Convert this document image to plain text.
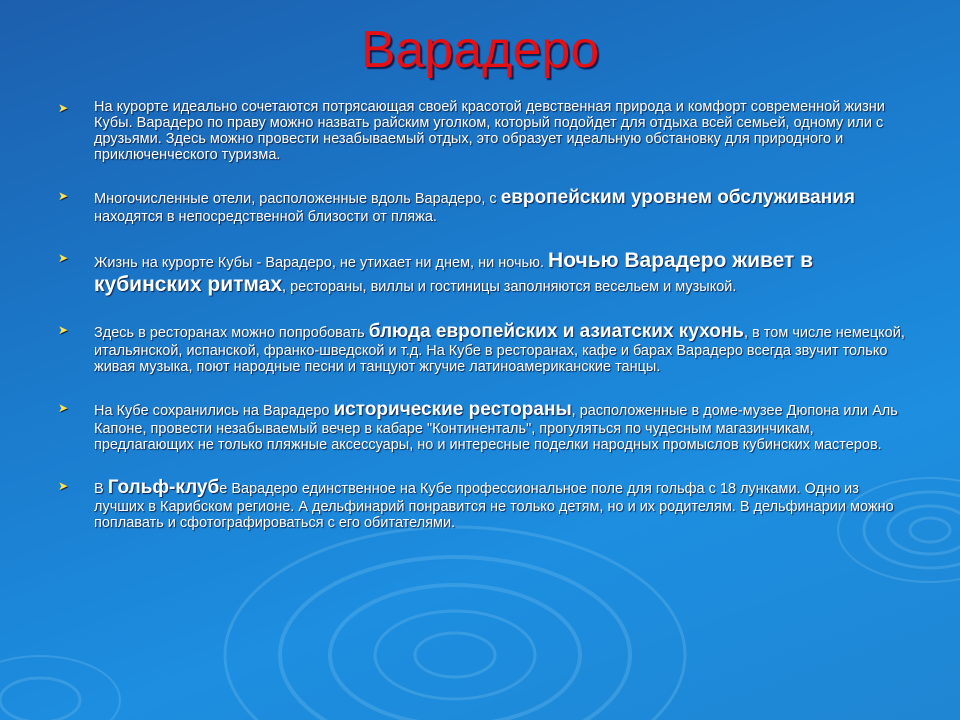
Варадеро
➤ На курорте идеально сочетаются потрясающая своей красотой девственная природа и комфорт современной жизни Кубы. Варадеро по праву можно назвать райским уголком, который подойдет для отдыха всей семьей, одному или с друзьями. Здесь можно провести незабываемый отдых, это образует идеальную обстановку для природного и приключенческого туризма.
➤ Многочисленные отели, расположенные вдоль Варадеро, с европейским уровнем обслуживания находятся в непосредственной близости от пляжа.
➤ Жизнь на курорте Кубы - Варадеро, не утихает ни днем, ни ночью. Ночью Варадеро живет в кубинских ритмах, рестораны, виллы и гостиницы заполняются весельем и музыкой.
➤ Здесь в ресторанах можно попробовать блюда европейских и азиатских кухонь, в том числе немецкой, итальянской, испанской, франко-шведской и т.д. На Кубе в ресторанах, кафе и барах Варадеро всегда звучит только живая музыка, поют народные песни и танцуют жгучие латиноамериканские танцы.
➤ На Кубе сохранились на Варадеро исторические рестораны, расположенные в доме-музее Дюпона или Аль Капоне, провести незабываемый вечер в кабаре "Континенталь", прогуляться по чудесным магазинчикам, предлагающих не только пляжные аксессуары, но и интересные поделки народных промыслов кубинских мастеров.
➤ В Гольф-клубе Варадеро единственное на Кубе профессиональное поле для гольфа с 18 лунками. Одно из лучших в Карибском регионе. А дельфинарий понравится не только детям, но и их родителям. В дельфинарии можно поплавать и сфотографироваться с его обитателями.
